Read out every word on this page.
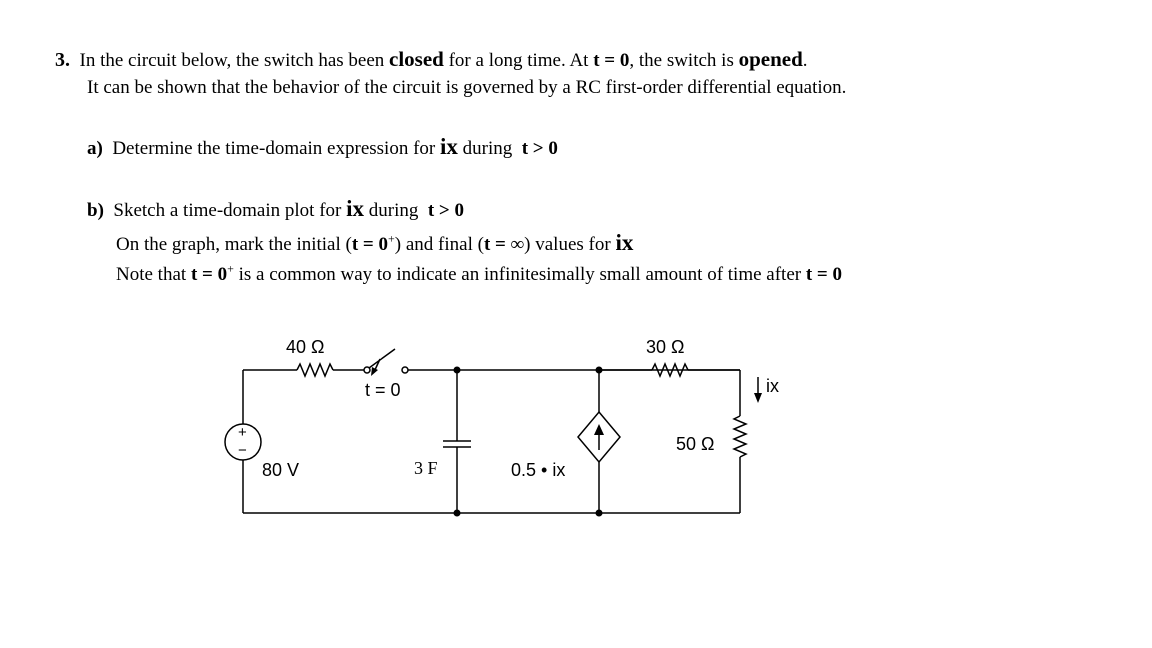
3. In the circuit below, the switch has been closed for a long time. At t = 0, the switch is opened.
It can be shown that the behavior of the circuit is governed by a RC first-order differential equation.
a) Determine the time-domain expression for ix during  t > 0
b) Sketch a time-domain plot for ix during  t > 0
On the graph, mark the initial (t = 0+) and final (t = ∞) values for ix
Note that t = 0+ is a common way to indicate an infinitesimally small amount of time after t = 0
+
−
40 Ω
t = 0
30 Ω
50 Ω
80 V	3 F	0.5 • ix
ix
